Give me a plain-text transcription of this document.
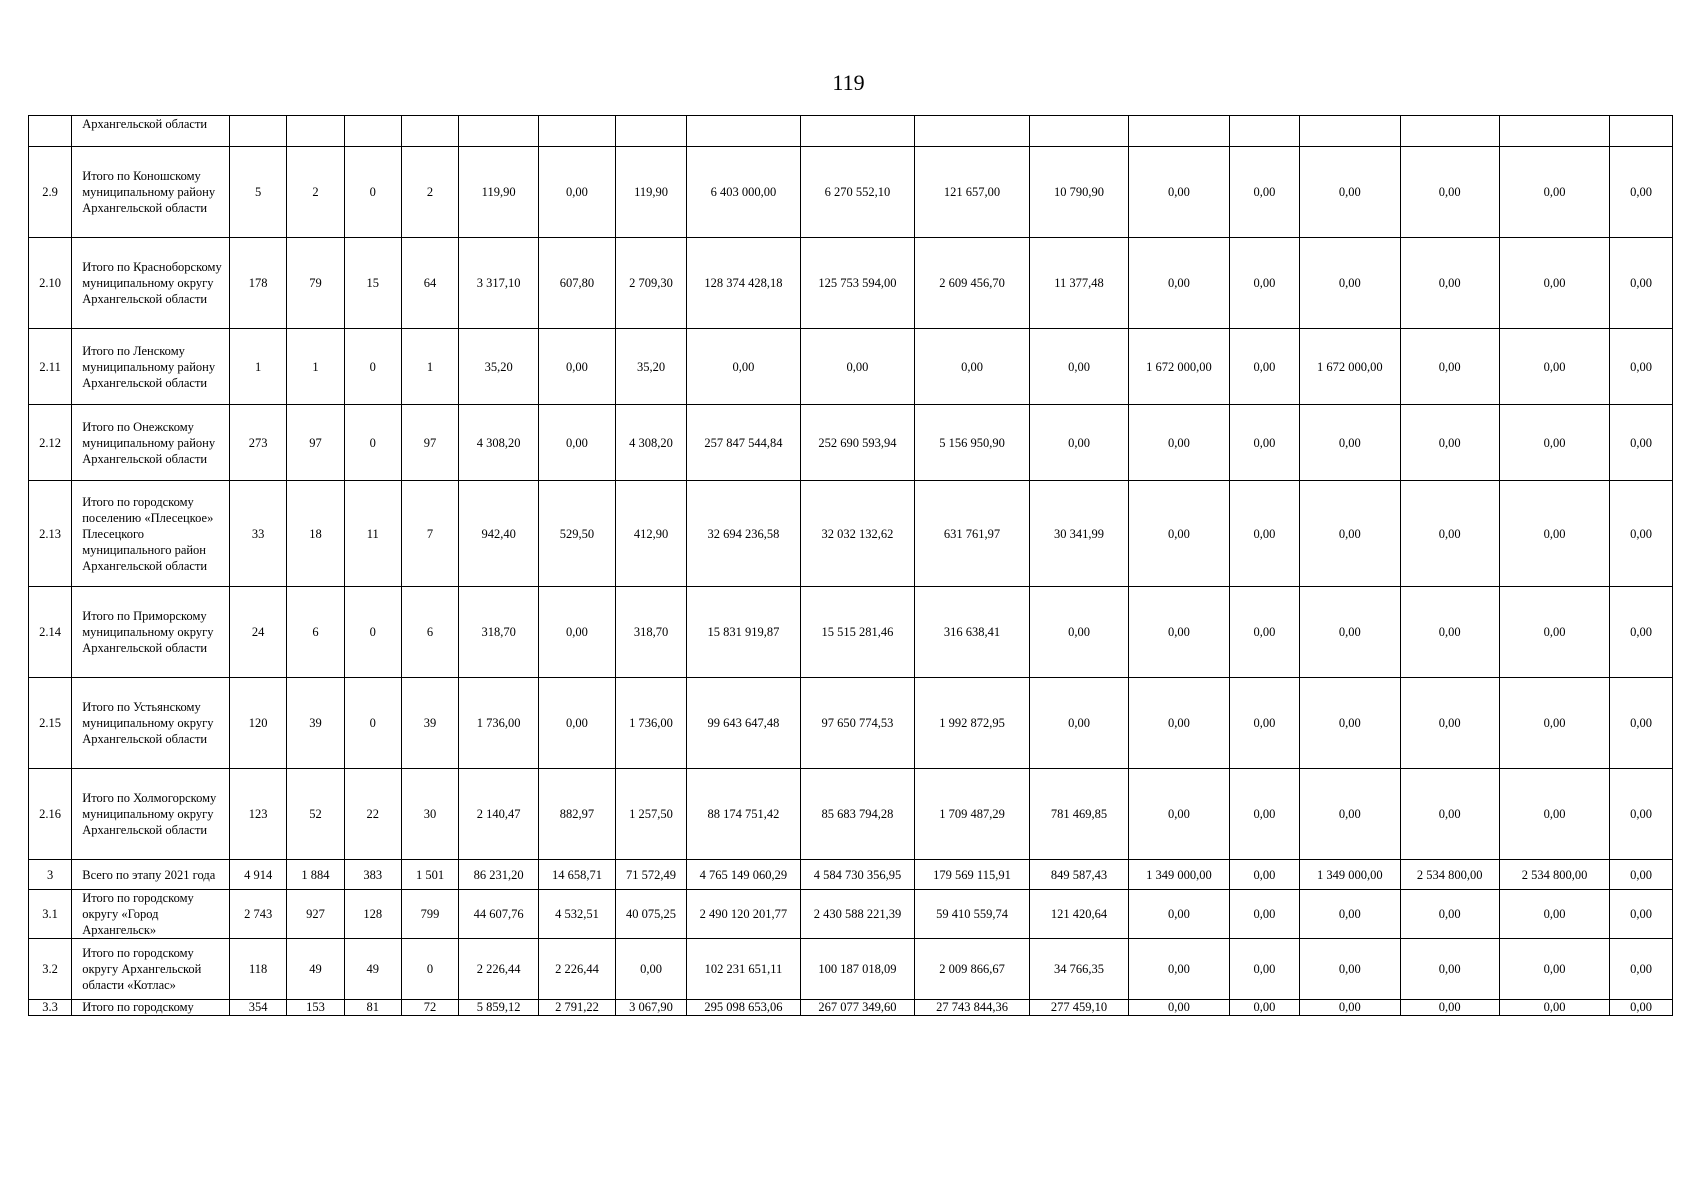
119
	Архангельской области																	
2.9	Итого по Коношскому муниципальному району Архангельской области	5	2	0	2	119,90	0,00	119,90	6 403 000,00	6 270 552,10	121 657,00	10 790,90	0,00	0,00	0,00	0,00	0,00	0,00
2.10	Итого по Красноборскому муниципальному округу Архангельской области	178	79	15	64	3 317,10	607,80	2 709,30	128 374 428,18	125 753 594,00	2 609 456,70	11 377,48	0,00	0,00	0,00	0,00	0,00	0,00
2.11	Итого по Ленскому муниципальному району Архангельской области	1	1	0	1	35,20	0,00	35,20	0,00	0,00	0,00	0,00	1 672 000,00	0,00	1 672 000,00	0,00	0,00	0,00
2.12	Итого по Онежскому муниципальному району Архангельской области	273	97	0	97	4 308,20	0,00	4 308,20	257 847 544,84	252 690 593,94	5 156 950,90	0,00	0,00	0,00	0,00	0,00	0,00	0,00
2.13	Итого по городскому поселению «Плесецкое» Плесецкого муниципального район Архангельской области	33	18	11	7	942,40	529,50	412,90	32 694 236,58	32 032 132,62	631 761,97	30 341,99	0,00	0,00	0,00	0,00	0,00	0,00
2.14	Итого по Приморскому муниципальному округу Архангельской области	24	6	0	6	318,70	0,00	318,70	15 831 919,87	15 515 281,46	316 638,41	0,00	0,00	0,00	0,00	0,00	0,00	0,00
2.15	Итого по Устьянскому муниципальному округу Архангельской области	120	39	0	39	1 736,00	0,00	1 736,00	99 643 647,48	97 650 774,53	1 992 872,95	0,00	0,00	0,00	0,00	0,00	0,00	0,00
2.16	Итого по Холмогорскому муниципальному округу Архангельской области	123	52	22	30	2 140,47	882,97	1 257,50	88 174 751,42	85 683 794,28	1 709 487,29	781 469,85	0,00	0,00	0,00	0,00	0,00	0,00
3	Всего по этапу 2021 года	4 914	1 884	383	1 501	86 231,20	14 658,71	71 572,49	4 765 149 060,29	4 584 730 356,95	179 569 115,91	849 587,43	1 349 000,00	0,00	1 349 000,00	2 534 800,00	2 534 800,00	0,00
3.1	Итого по городскому округу «Город Архангельск»	2 743	927	128	799	44 607,76	4 532,51	40 075,25	2 490 120 201,77	2 430 588 221,39	59 410 559,74	121 420,64	0,00	0,00	0,00	0,00	0,00	0,00
3.2	Итого по городскому округу Архангельской области «Котлас»	118	49	49	0	2 226,44	2 226,44	0,00	102 231 651,11	100 187 018,09	2 009 866,67	34 766,35	0,00	0,00	0,00	0,00	0,00	0,00
3.3	Итого по городскому	354	153	81	72	5 859,12	2 791,22	3 067,90	295 098 653,06	267 077 349,60	27 743 844,36	277 459,10	0,00	0,00	0,00	0,00	0,00	0,00
